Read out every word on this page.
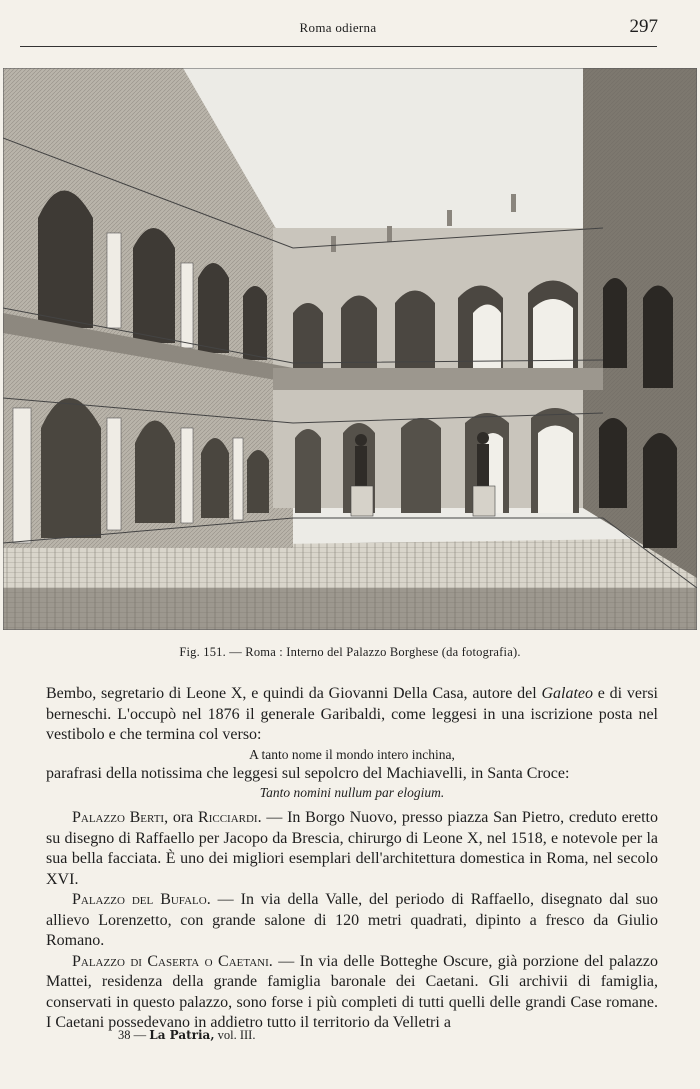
Roma odierna	297
Fig. 151. — Roma : Interno del Palazzo Borghese (da fotografia).

Bembo, segretario di Leone X, e quindi da Giovanni Della Casa, autore del Galateo e di versi berneschi. L'occupò nel 1876 il generale Garibaldi, come leggesi in una iscrizione posta nel vestibolo e che termina col verso:

A tanto nome il mondo intero inchina,

parafrasi della notissima che leggesi sul sepolcro del Machiavelli, in Santa Croce:

Tanto nomini nullum par elogium.

Palazzo Berti, ora Ricciardi. — In Borgo Nuovo, presso piazza San Pietro, creduto eretto su disegno di Raffaello per Jacopo da Brescia, chirurgo di Leone X, nel 1518, e notevole per la sua bella facciata. È uno dei migliori esemplari dell'architettura domestica in Roma, nel secolo XVI.

Palazzo del Bufalo. — In via della Valle, del periodo di Raffaello, disegnato dal suo allievo Lorenzetto, con grande salone di 120 metri quadrati, dipinto a fresco da Giulio Romano.

Palazzo di Caserta o Caetani. — In via delle Botteghe Oscure, già porzione del palazzo Mattei, residenza della grande famiglia baronale dei Caetani. Gli archivii di famiglia, conservati in questo palazzo, sono forse i più completi di tutti quelli delle grandi Case romane. I Caetani possedevano in addietro tutto il territorio da Velletri a

38 — La Patria, vol. III.
